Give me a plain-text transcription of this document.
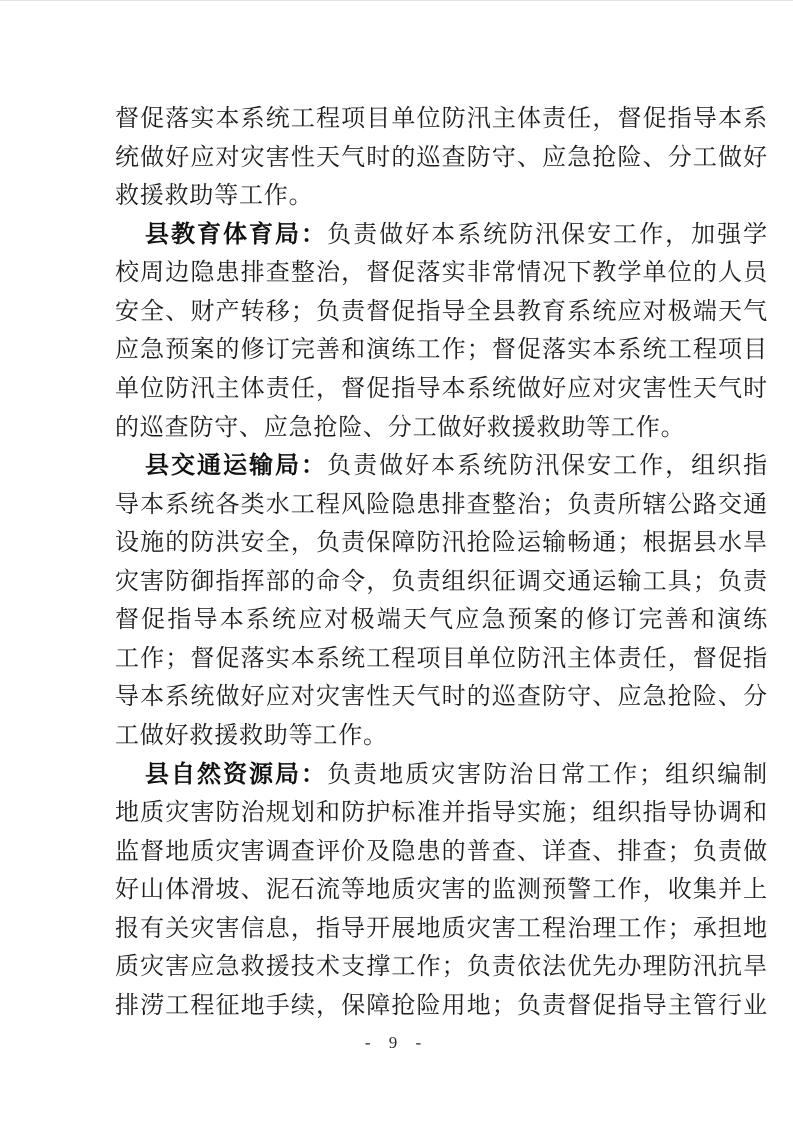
督促落实本系统工程项目单位防汛主体责任，督促指导本系
统做好应对灾害性天气时的巡查防守、应急抢险、分工做好
救援救助等工作。
县教育体育局：负责做好本系统防汛保安工作，加强学
校周边隐患排查整治，督促落实非常情况下教学单位的人员
安全、财产转移；负责督促指导全县教育系统应对极端天气
应急预案的修订完善和演练工作；督促落实本系统工程项目
单位防汛主体责任，督促指导本系统做好应对灾害性天气时
的巡查防守、应急抢险、分工做好救援救助等工作。
县交通运输局：负责做好本系统防汛保安工作，组织指
导本系统各类水工程风险隐患排查整治；负责所辖公路交通
设施的防洪安全，负责保障防汛抢险运输畅通；根据县水旱
灾害防御指挥部的命令，负责组织征调交通运输工具；负责
督促指导本系统应对极端天气应急预案的修订完善和演练
工作；督促落实本系统工程项目单位防汛主体责任，督促指
导本系统做好应对灾害性天气时的巡查防守、应急抢险、分
工做好救援救助等工作。
县自然资源局：负责地质灾害防治日常工作；组织编制
地质灾害防治规划和防护标准并指导实施；组织指导协调和
监督地质灾害调查评价及隐患的普查、详查、排查；负责做
好山体滑坡、泥石流等地质灾害的监测预警工作，收集并上
报有关灾害信息，指导开展地质灾害工程治理工作；承担地
质灾害应急救援技术支撑工作；负责依法优先办理防汛抗旱
排涝工程征地手续，保障抢险用地；负责督促指导主管行业
- 9 -
